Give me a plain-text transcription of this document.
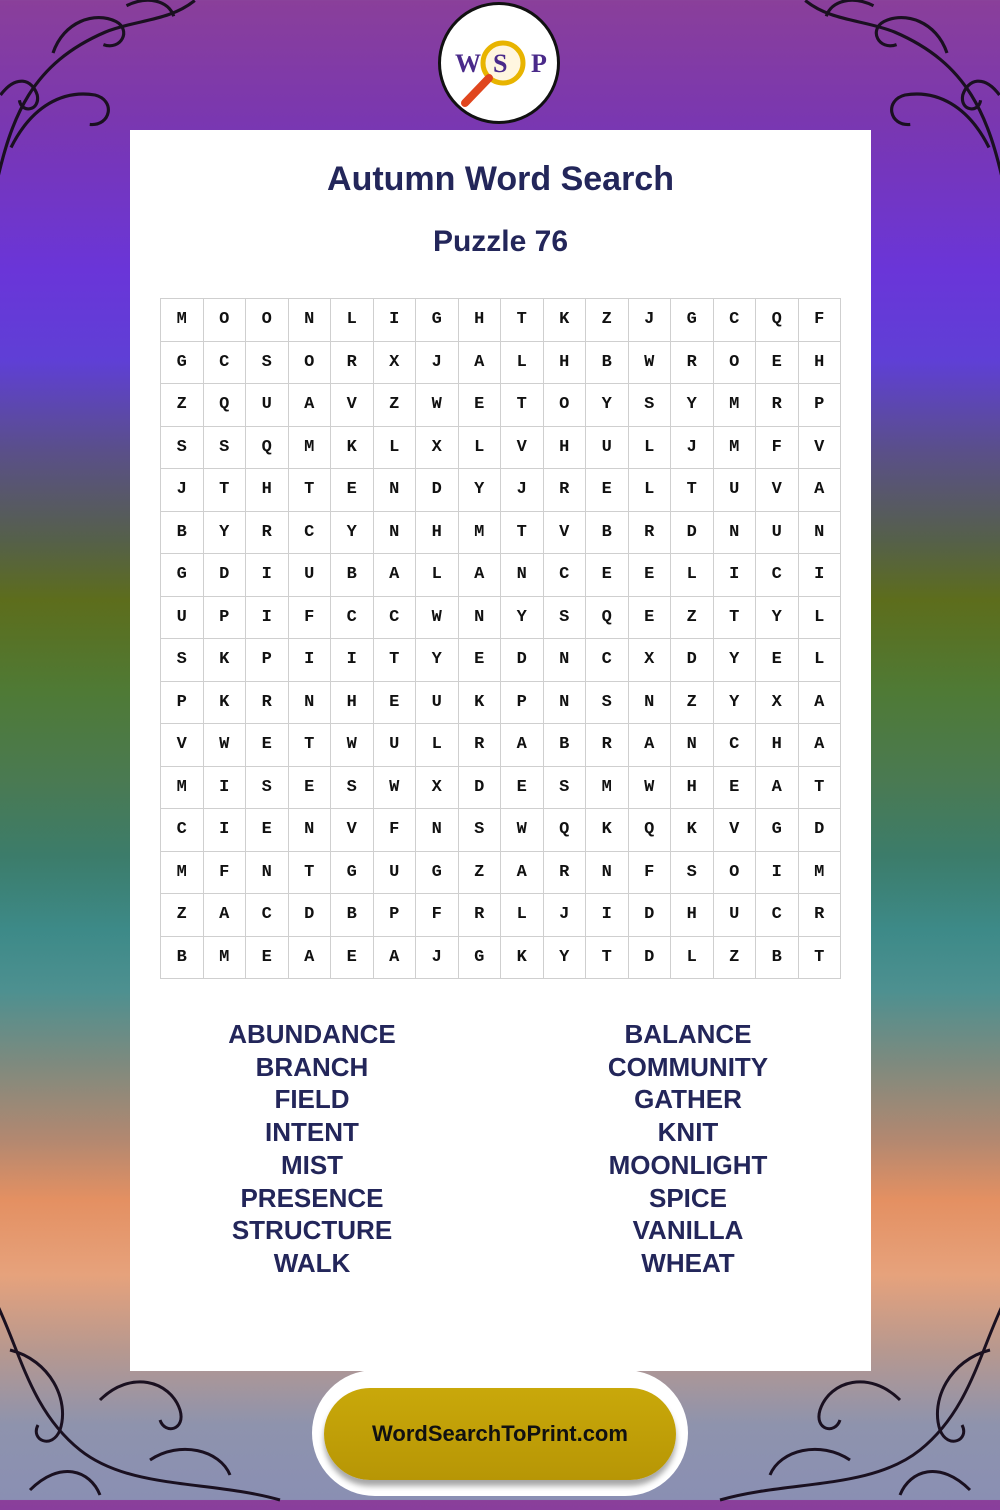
W S P
Autumn Word Search
Puzzle 76
M	O	O	N	L	I	G	H	T	K	Z	J	G	C	Q	F
G	C	S	O	R	X	J	A	L	H	B	W	R	O	E	H
Z	Q	U	A	V	Z	W	E	T	O	Y	S	Y	M	R	P
S	S	Q	M	K	L	X	L	V	H	U	L	J	M	F	V
J	T	H	T	E	N	D	Y	J	R	E	L	T	U	V	A
B	Y	R	C	Y	N	H	M	T	V	B	R	D	N	U	N
G	D	I	U	B	A	L	A	N	C	E	E	L	I	C	I
U	P	I	F	C	C	W	N	Y	S	Q	E	Z	T	Y	L
S	K	P	I	I	T	Y	E	D	N	C	X	D	Y	E	L
P	K	R	N	H	E	U	K	P	N	S	N	Z	Y	X	A
V	W	E	T	W	U	L	R	A	B	R	A	N	C	H	A
M	I	S	E	S	W	X	D	E	S	M	W	H	E	A	T
C	I	E	N	V	F	N	S	W	Q	K	Q	K	V	G	D
M	F	N	T	G	U	G	Z	A	R	N	F	S	O	I	M
Z	A	C	D	B	P	F	R	L	J	I	D	H	U	C	R
B	M	E	A	E	A	J	G	K	Y	T	D	L	Z	B	T
ABUNDANCE
BRANCH
FIELD
INTENT
MIST
PRESENCE
STRUCTURE
WALK
BALANCE
COMMUNITY
GATHER
KNIT
MOONLIGHT
SPICE
VANILLA
WHEAT
WordSearchToPrint.com
